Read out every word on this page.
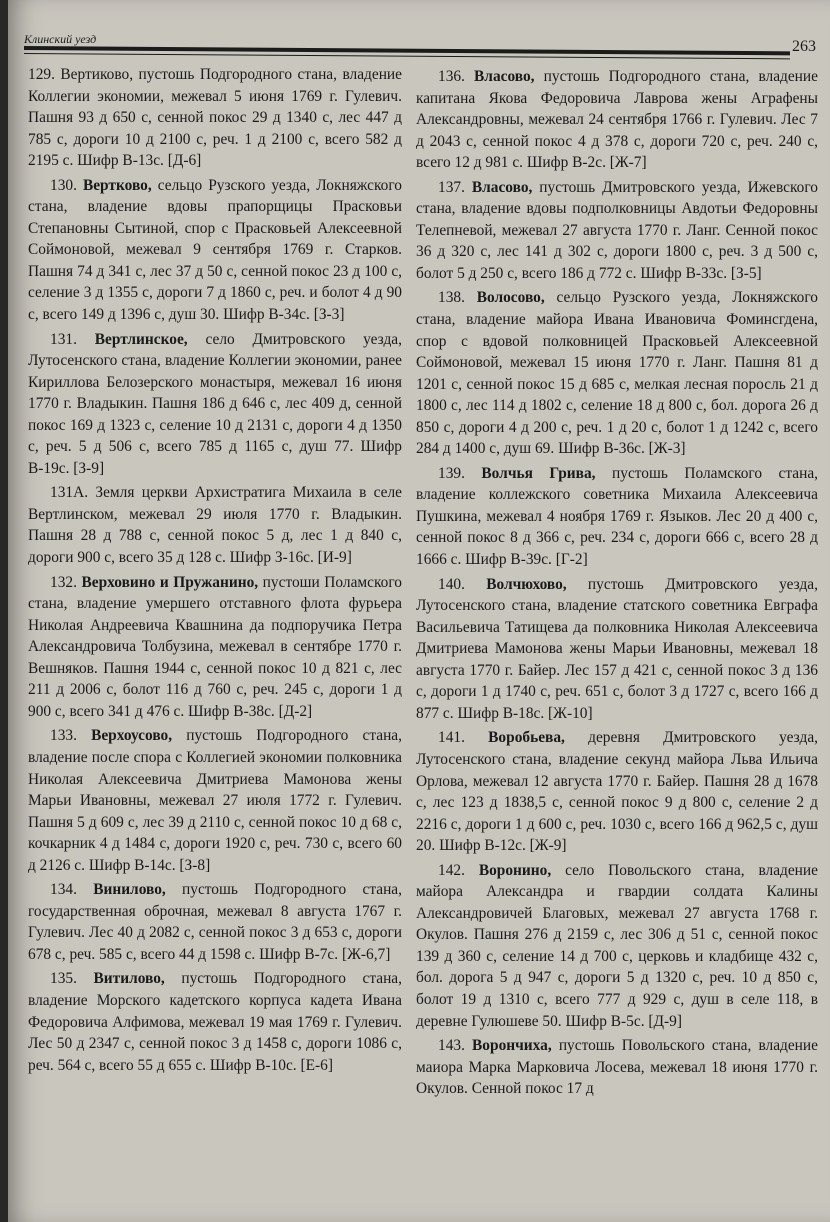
Клинский уезд	263

129. Вертиково, пустошь Подгородного стана, владение Коллегии экономии, межевал 5 июня 1769 г. Гулевич. Пашня 93 д 650 с, сенной покос 29 д 1340 с, лес 447 д 785 с, дороги 10 д 2100 с, реч. 1 д 2100 с, всего 582 д 2195 с. Шифр В-13с. [Д-6]

130. Вертково, сельцо Рузского уезда, Локняжского стана, владение вдовы прапорщицы Прасковьи Степановны Сытиной, спор с Прасковьей Алексеевной Соймоновой, межевал 9 сентября 1769 г. Старков. Пашня 74 д 341 с, лес 37 д 50 с, сенной покос 23 д 100 с, селение 3 д 1355 с, дороги 7 д 1860 с, реч. и болот 4 д 90 с, всего 149 д 1396 с, душ 30. Шифр В-34с. [З-3]

131. Вертлинское, село Дмитровского уезда, Лутосенского стана, владение Коллегии экономии, ранее Кириллова Белозерского монастыря, межевал 16 июня 1770 г. Владыкин. Пашня 186 д 646 с, лес 409 д, сенной покос 169 д 1323 с, селение 10 д 2131 с, дороги 4 д 1350 с, реч. 5 д 506 с, всего 785 д 1165 с, душ 77. Шифр В-19с. [З-9]

131А. Земля церкви Архистратига Михаила в селе Вертлинском, межевал 29 июля 1770 г. Владыкин. Пашня 28 д 788 с, сенной покос 5 д, лес 1 д 840 с, дороги 900 с, всего 35 д 128 с. Шифр З-16с. [И-9]

132. Верховино и Пружанино, пустоши Поламского стана, владение умершего отставного флота фурьера Николая Андреевича Квашнина да подпоручика Петра Александровича Толбузина, межевал в сентябре 1770 г. Вешняков. Пашня 1944 с, сенной покос 10 д 821 с, лес 211 д 2006 с, болот 116 д 760 с, реч. 245 с, дороги 1 д 900 с, всего 341 д 476 с. Шифр В-38с. [Д-2]

133. Верхоусово, пустошь Подгородного стана, владение после спора с Коллегией экономии полковника Николая Алексеевича Дмитриева Мамонова жены Марьи Ивановны, межевал 27 июля 1772 г. Гулевич. Пашня 5 д 609 с, лес 39 д 2110 с, сенной покос 10 д 68 с, кочкарник 4 д 1484 с, дороги 1920 с, реч. 730 с, всего 60 д 2126 с. Шифр В-14с. [З-8]

134. Винилово, пустошь Подгородного стана, государственная оброчная, межевал 8 августа 1767 г. Гулевич. Лес 40 д 2082 с, сенной покос 3 д 653 с, дороги 678 с, реч. 585 с, всего 44 д 1598 с. Шифр В-7с. [Ж-6,7]

135. Витилово, пустошь Подгородного стана, владение Морского кадетского корпуса кадета Ивана Федоровича Алфимова, межевал 19 мая 1769 г. Гулевич. Лес 50 д 2347 с, сенной покос 3 д 1458 с, дороги 1086 с, реч. 564 с, всего 55 д 655 с. Шифр В-10с. [Е-6]

136. Власово, пустошь Подгородного стана, владение капитана Якова Федоровича Лаврова жены Аграфены Александровны, межевал 24 сентября 1766 г. Гулевич. Лес 7 д 2043 с, сенной покос 4 д 378 с, дороги 720 с, реч. 240 с, всего 12 д 981 с. Шифр В-2с. [Ж-7]

137. Власово, пустошь Дмитровского уезда, Ижевского стана, владение вдовы подполковницы Авдотьи Федоровны Телепневой, межевал 27 августа 1770 г. Ланг. Сенной покос 36 д 320 с, лес 141 д 302 с, дороги 1800 с, реч. 3 д 500 с, болот 5 д 250 с, всего 186 д 772 с. Шифр В-33с. [З-5]

138. Волосово, сельцо Рузского уезда, Локняжского стана, владение майора Ивана Ивановича Фоминсгдена, спор с вдовой полковницей Прасковьей Алексеевной Соймоновой, межевал 15 июня 1770 г. Ланг. Пашня 81 д 1201 с, сенной покос 15 д 685 с, мелкая лесная поросль 21 д 1800 с, лес 114 д 1802 с, селение 18 д 800 с, бол. дорога 26 д 850 с, дороги 4 д 200 с, реч. 1 д 20 с, болот 1 д 1242 с, всего 284 д 1400 с, душ 69. Шифр В-36с. [Ж-3]

139. Волчья Грива, пустошь Поламского стана, владение коллежского советника Михаила Алексеевича Пушкина, межевал 4 ноября 1769 г. Языков. Лес 20 д 400 с, сенной покос 8 д 366 с, реч. 234 с, дороги 666 с, всего 28 д 1666 с. Шифр В-39с. [Г-2]

140. Волчюхово, пустошь Дмитровского уезда, Лутосенского стана, владение статского советника Евграфа Васильевича Татищева да полковника Николая Алексеевича Дмитриева Мамонова жены Марьи Ивановны, межевал 18 августа 1770 г. Байер. Лес 157 д 421 с, сенной покос 3 д 136 с, дороги 1 д 1740 с, реч. 651 с, болот 3 д 1727 с, всего 166 д 877 с. Шифр В-18с. [Ж-10]

141. Воробьева, деревня Дмитровского уезда, Лутосенского стана, владение секунд майора Льва Ильича Орлова, межевал 12 августа 1770 г. Байер. Пашня 28 д 1678 с, лес 123 д 1838,5 с, сенной покос 9 д 800 с, селение 2 д 2216 с, дороги 1 д 600 с, реч. 1030 с, всего 166 д 962,5 с, душ 20. Шифр В-12с. [Ж-9]

142. Воронино, село Повольского стана, владение майора Александра и гвардии солдата Калины Александровичей Благовых, межевал 27 августа 1768 г. Окулов. Пашня 276 д 2159 с, лес 306 д 51 с, сенной покос 139 д 360 с, селение 14 д 700 с, церковь и кладбище 432 с, бол. дорога 5 д 947 с, дороги 5 д 1320 с, реч. 10 д 850 с, болот 19 д 1310 с, всего 777 д 929 с, душ в селе 118, в деревне Гулюшеве 50. Шифр В-5с. [Д-9]

143. Ворончиха, пустошь Повольского стана, владение маиора Марка Марковича Лосева, межевал 18 июня 1770 г. Окулов. Сенной покос 17 д
